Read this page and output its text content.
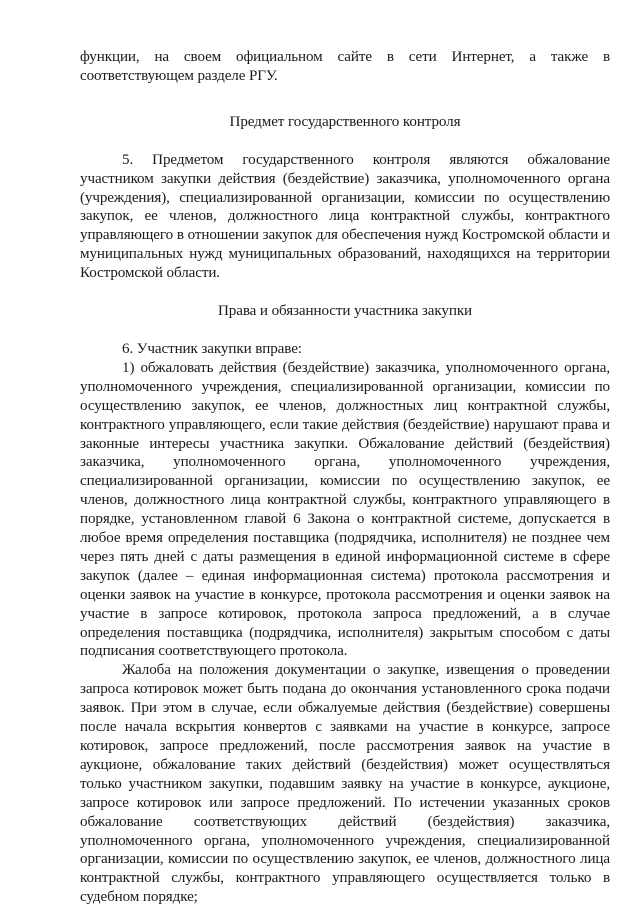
функции, на своем официальном сайте в сети Интернет, а также в соответствующем разделе РГУ.

Предмет государственного контроля

5. Предметом государственного контроля являются обжалование участником закупки действия (бездействие) заказчика, уполномоченного органа (учреждения), специализированной организации, комиссии по осуществлению закупок, ее членов, должностного лица контрактной службы, контрактного управляющего в отношении закупок для обеспечения нужд Костромской области и муниципальных нужд муниципальных образований, находящихся на территории Костромской области.

Права и обязанности участника закупки

6. Участник закупки вправе:

1) обжаловать действия (бездействие) заказчика, уполномоченного органа, уполномоченного учреждения, специализированной организации, комиссии по осуществлению закупок, ее членов, должностных лиц контрактной службы, контрактного управляющего, если такие действия (бездействие) нарушают права и законные интересы участника закупки. Обжалование действий (бездействия) заказчика, уполномоченного органа, уполномоченного учреждения, специализированной организации, комиссии по осуществлению закупок, ее членов, должностного лица контрактной службы, контрактного управляющего в порядке, установленном главой 6 Закона о контрактной системе, допускается в любое время определения поставщика (подрядчика, исполнителя) не позднее чем через пять дней с даты размещения в единой информационной системе в сфере закупок (далее – единая информационная система) протокола рассмотрения и оценки заявок на участие в конкурсе, протокола рассмотрения и оценки заявок на участие в запросе котировок, протокола запроса предложений, а в случае определения поставщика (подрядчика, исполнителя) закрытым способом с даты подписания соответствующего протокола.

Жалоба на положения документации о закупке, извещения о проведении запроса котировок может быть подана до окончания установленного срока подачи заявок. При этом в случае, если обжалуемые действия (бездействие) совершены после начала вскрытия конвертов с заявками на участие в конкурсе, запросе котировок, запросе предложений, после рассмотрения заявок на участие в аукционе, обжалование таких действий (бездействия) может осуществляться только участником закупки, подавшим заявку на участие в конкурсе, аукционе, запросе котировок или запросе предложений. По истечении указанных сроков обжалование соответствующих действий (бездействия) заказчика, уполномоченного органа, уполномоченного учреждения, специализированной организации, комиссии по осуществлению закупок, ее членов, должностного лица контрактной службы, контрактного управляющего осуществляется только в судебном порядке;
